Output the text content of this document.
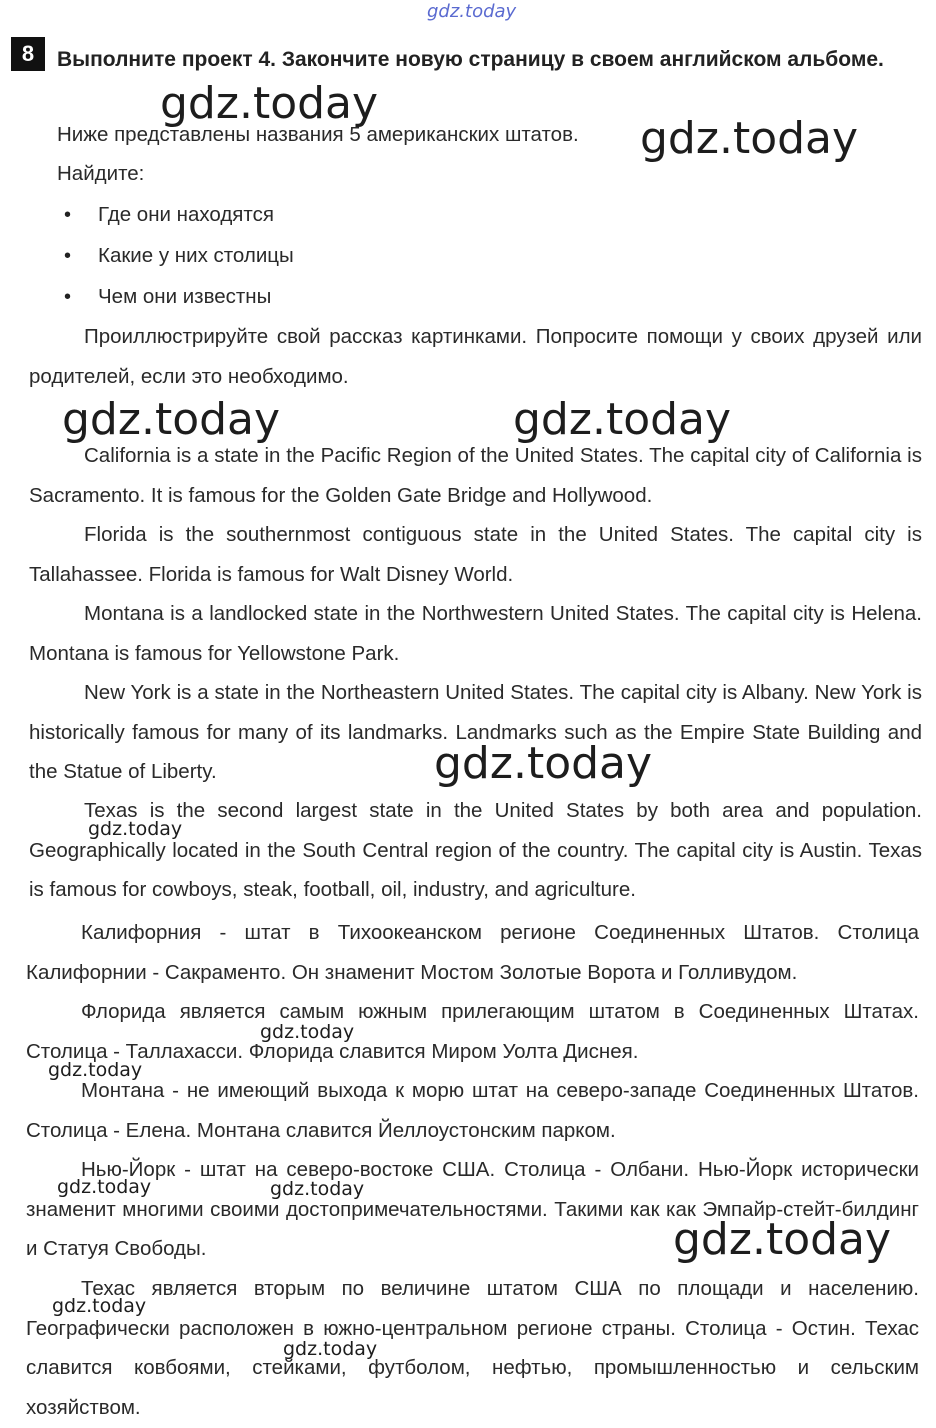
8	Выполните проект 4. Закончите новую страницу в своем английском альбоме.
Ниже представлены названия 5 американских штатов.
Найдите:
• Где они находятся
• Какие у них столицы
• Чем они известны
Проиллюстрируйте свой рассказ картинками. Попросите помощи у своих друзей или родителей, если это необходимо.
California is a state in the Pacific Region of the United States. The capital city of California is Sacramento. It is famous for the Golden Gate Bridge and Hollywood.
Florida is the southernmost contiguous state in the United States. The capital city is Tallahassee. Florida is famous for Walt Disney World.
Montana is a landlocked state in the Northwestern United States. The capital city is Helena. Montana is famous for Yellowstone Park.
New York is a state in the Northeastern United States. The capital city is Albany. New York is historically famous for many of its landmarks. Landmarks such as the Empire State Building and the Statue of Liberty.
Texas is the second largest state in the United States by both area and population. Geographically located in the South Central region of the country. The capital city is Austin. Texas is famous for cowboys, steak, football, oil, industry, and agriculture.
Калифорния - штат в Тихоокеанском регионе Соединенных Штатов. Столица Калифорнии - Сакраменто. Он знаменит Мостом Золотые Ворота и Голливудом.
Флорида является самым южным прилегающим штатом в Соединенных Штатах. Столица - Таллахасси. Флорида славится Миром Уолта Диснея.
Монтана - не имеющий выхода к морю штат на северо-западе Соединенных Штатов. Столица - Елена. Монтана славится Йеллоустонским парком.
Нью-Йорк - штат на северо-востоке США. Столица - Олбани. Нью-Йорк исторически знаменит многими своими достопримечательностями. Такими как как Эмпайр-стейт-билдинг и Статуя Свободы.
Техас является вторым по величине штатом США по площади и населению. Географически расположен в южно-центральном регионе страны. Столица - Остин. Техас славится ковбоями, стейками, футболом, нефтью, промышленностью и сельским хозяйством.
gdz.today
gdz.today
gdz.today
gdz.today	gdz.today
gdz.today
gdz.today
gdz.today
gdz.today
gdz.today	gdz.today
gdz.today
gdz.today
gdz.today
